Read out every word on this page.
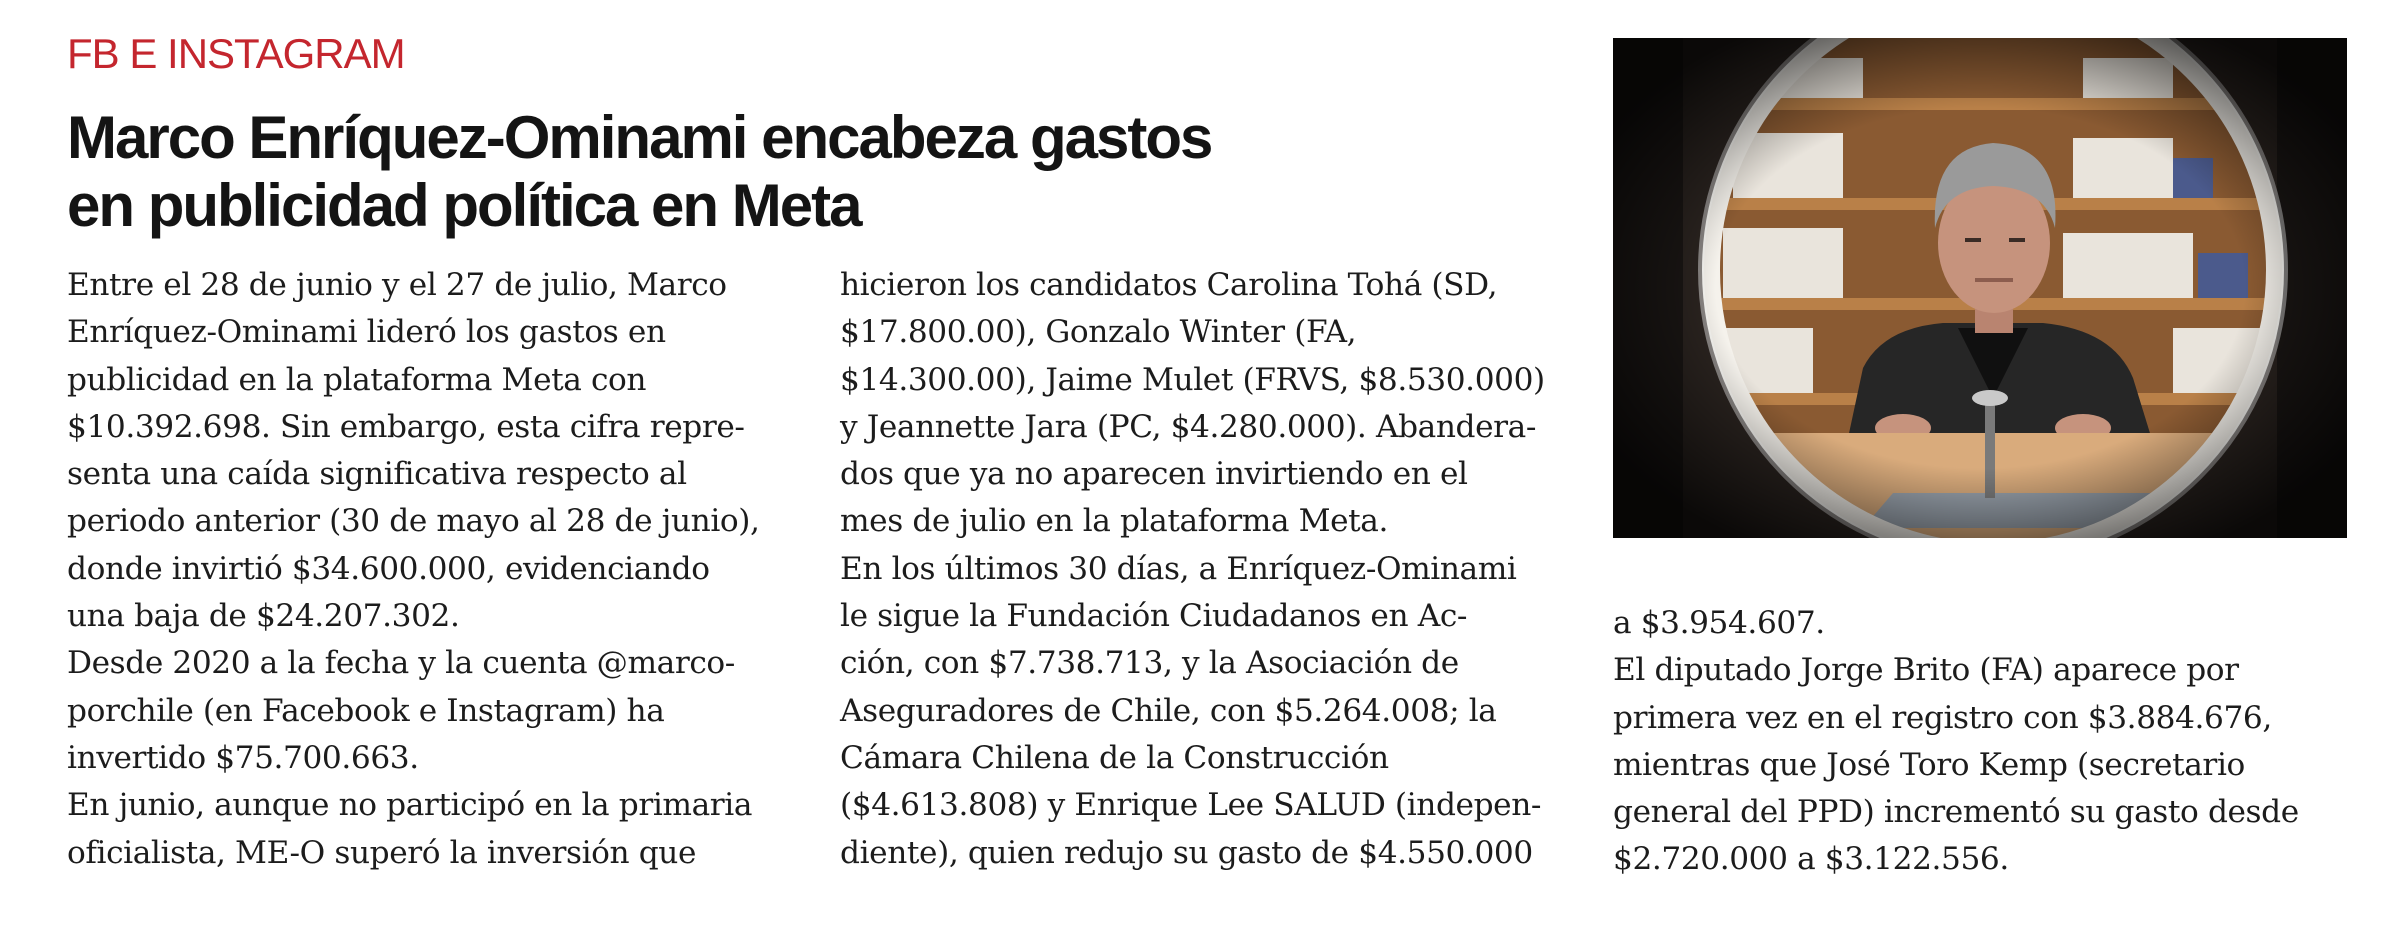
FB E INSTAGRAM

Marco Enríquez-Ominami encabeza gastos
en publicidad política en Meta
Entre el 28 de junio y el 27 de julio, Marco
Enríquez-Ominami lideró los gastos en
publicidad en la plataforma Meta con
$10.392.698. Sin embargo, esta cifra repre-
senta una caída significativa respecto al
periodo anterior (30 de mayo al 28 de junio),
donde invirtió $34.600.000, evidenciando
una baja de $24.207.302.
Desde 2020 a la fecha y la cuenta @marco-
porchile (en Facebook e Instagram) ha
invertido $75.700.663.
En junio, aunque no participó en la primaria
oficialista, ME-O superó la inversión que
hicieron los candidatos Carolina Tohá (SD,
$17.800.00), Gonzalo Winter (FA,
$14.300.00), Jaime Mulet (FRVS, $8.530.000)
y Jeannette Jara (PC, $4.280.000). Abandera-
dos que ya no aparecen invirtiendo en el
mes de julio en la plataforma Meta.
En los últimos 30 días, a Enríquez-Ominami
le sigue la Fundación Ciudadanos en Ac-
ción, con $7.738.713, y la Asociación de
Aseguradores de Chile, con $5.264.008; la
Cámara Chilena de la Construcción
($4.613.808) y Enrique Lee SALUD (indepen-
diente), quien redujo su gasto de $4.550.000
a $3.954.607.
El diputado Jorge Brito (FA) aparece por
primera vez en el registro con $3.884.676,
mientras que José Toro Kemp (secretario
general del PPD) incrementó su gasto desde
$2.720.000 a $3.122.556.
